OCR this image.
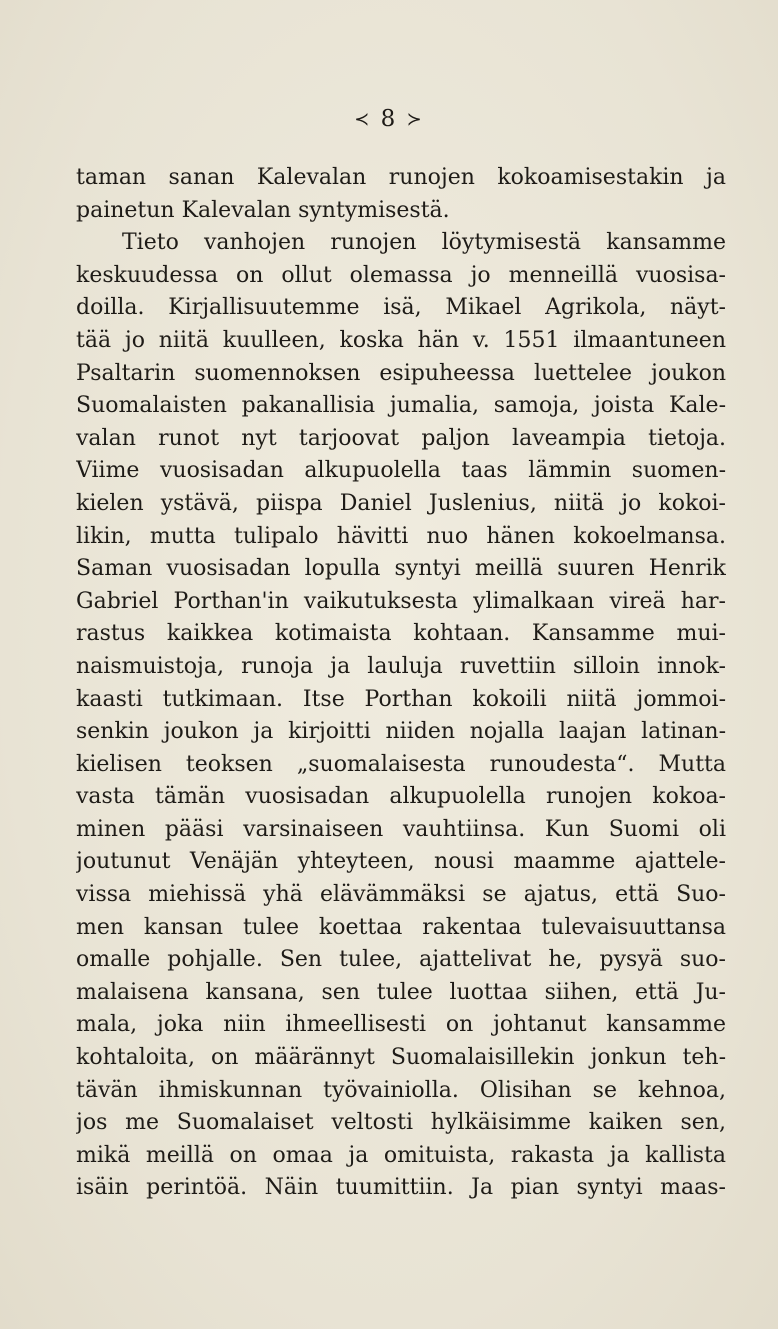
≺ 8 ≻
taman sanan Kalevalan runojen kokoamisestakin ja
painetun Kalevalan syntymisestä.
Tieto vanhojen runojen löytymisestä kansamme
keskuudessa on ollut olemassa jo menneillä vuosisa-
doilla. Kirjallisuutemme isä, Mikael Agrikola, näyt-
tää jo niitä kuulleen, koska hän v. 1551 ilmaantuneen
Psaltarin suomennoksen esipuheessa luettelee joukon
Suomalaisten pakanallisia jumalia, samoja, joista Kale-
valan runot nyt tarjoovat paljon laveampia tietoja.
Viime vuosisadan alkupuolella taas lämmin suomen-
kielen ystävä, piispa Daniel Juslenius, niitä jo kokoi-
likin, mutta tulipalo hävitti nuo hänen kokoelmansa.
Saman vuosisadan lopulla syntyi meillä suuren Henrik
Gabriel Porthan'in vaikutuksesta ylimalkaan vireä har-
rastus kaikkea kotimaista kohtaan. Kansamme mui-
naismuistoja, runoja ja lauluja ruvettiin silloin innok-
kaasti tutkimaan. Itse Porthan kokoili niitä jommoi-
senkin joukon ja kirjoitti niiden nojalla laajan latinan-
kielisen teoksen „suomalaisesta runoudesta“. Mutta
vasta tämän vuosisadan alkupuolella runojen kokoa-
minen pääsi varsinaiseen vauhtiinsa. Kun Suomi oli
joutunut Venäjän yhteyteen, nousi maamme ajattele-
vissa miehissä yhä elävämmäksi se ajatus, että Suo-
men kansan tulee koettaa rakentaa tulevaisuuttansa
omalle pohjalle. Sen tulee, ajattelivat he, pysyä suo-
malaisena kansana, sen tulee luottaa siihen, että Ju-
mala, joka niin ihmeellisesti on johtanut kansamme
kohtaloita, on määrännyt Suomalaisillekin jonkun teh-
tävän ihmiskunnan työvainiolla. Olisihan se kehnoa,
jos me Suomalaiset veltosti hylkäisimme kaiken sen,
mikä meillä on omaa ja omituista, rakasta ja kallista
isäin perintöä. Näin tuumittiin. Ja pian syntyi maas-
